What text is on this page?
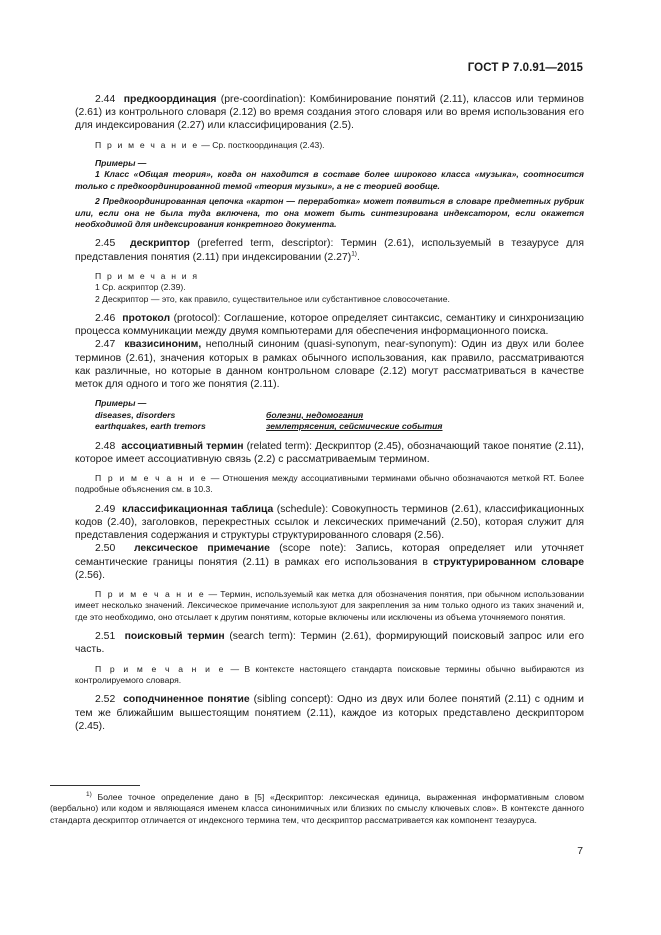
ГОСТ Р 7.0.91—2015

2.44 предкоординация (pre-coordination): Комбинирование понятий (2.11), классов или терминов (2.61) из контрольного словаря (2.12) во время создания этого словаря или во время использования его для индексирования (2.27) или классифицирования (2.5).

П р и м е ч а н и е — Ср. посткоординация (2.43).

Примеры —

1 Класс «Общая теория», когда он находится в составе более широкого класса «музыка», соотносится только с предкоординированной темой «теория музыки», а не с теорией вообще.

2 Предкоординированная цепочка «картон — переработка» может появиться в словаре предметных рубрик или, если она не была туда включена, то она может быть синтезирована индексатором, если окажется необходимой для индексирования конкретного документа.

2.45 дескриптор (preferred term, descriptor): Термин (2.61), используемый в тезаурусе для представления понятия (2.11) при индексировании $(2.27)^{1)}$.

П р и м е ч а н и я

1 Ср. аскриптор (2.39).

2 Дескриптор — это, как правило, существительное или субстантивное словосочетание.

2.46 протокол (protocol): Соглашение, которое определяет синтаксис, семантику и синхронизацию процесса коммуникации между двумя компьютерами для обеспечения информационного поиска.

2.47 квазисиноним, неполный синоним (quasi-synonym, near-synonym): Один из двух или более терминов (2.61), значения которых в рамках обычного использования, как правило, рассматриваются как различные, но которые в данном контрольном словаре (2.12) могут рассматриваться в качестве меток для одного и того же понятия (2.11).

Примеры —

diseases, disorders	болезни, недомогания
earthquakes, earth tremors	землетрясения, сейсмические события

2.48 ассоциативный термин (related term): Дескриптор (2.45), обозначающий такое понятие (2.11), которое имеет ассоциативную связь (2.2) с рассматриваемым термином.

П р и м е ч а н и е — Отношения между ассоциативными терминами обычно обозначаются меткой RT. Более подробные объяснения см. в 10.3.

2.49 классификационная таблица (schedule): Совокупность терминов (2.61), классификационных кодов (2.40), заголовков, перекрестных ссылок и лексических примечаний (2.50), которая служит для представления содержания и структуры структурированного словаря (2.56).

2.50 лексическое примечание (scope note): Запись, которая определяет или уточняет семантические границы понятия (2.11) в рамках его использования в структурированном словаре (2.56).

П р и м е ч а н и е — Термин, используемый как метка для обозначения понятия, при обычном использовании имеет несколько значений. Лексическое примечание используют для закрепления за ним только одного из таких значений и, где это необходимо, оно отсылает к другим понятиям, которые включены или исключены из объема уточняемого понятия.

2.51 поисковый термин (search term): Термин (2.61), формирующий поисковый запрос или его часть.

П р и м е ч а н и е — В контексте настоящего стандарта поисковые термины обычно выбираются из контролируемого словаря.

2.52 соподчиненное понятие (sibling concept): Одно из двух или более понятий (2.11) с одним и тем же ближайшим вышестоящим понятием (2.11), каждое из которых представлено дескриптором (2.45).

$^{1)}$ Более точное определение дано в [5] «Дескриптор: лексическая единица, выраженная информативным словом (вербально) или кодом и являющаяся именем класса синонимичных или близких по смыслу ключевых слов». В контексте данного стандарта дескриптор отличается от индексного термина тем, что дескриптор рассматривается как компонент тезауруса.

7
